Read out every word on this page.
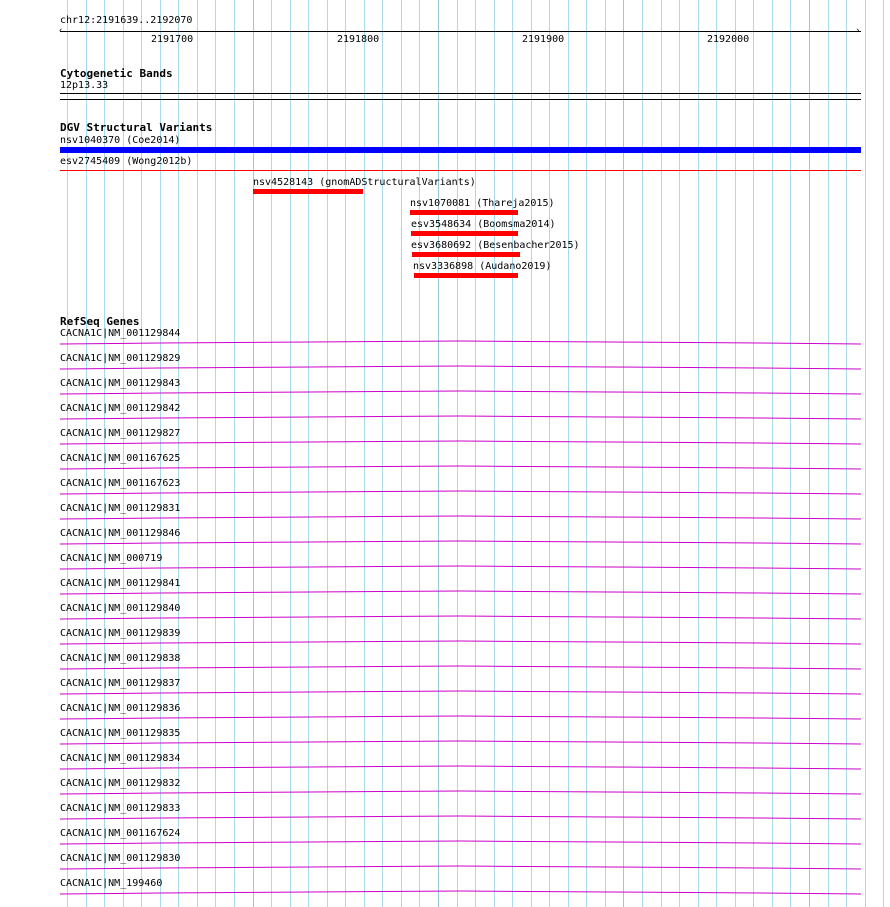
chr12:2191639..2192070
‹	›
2191700	2191800	2191900	2192000
Cytogenetic Bands
12p13.33
DGV Structural Variants
nsv1040370 (Coe2014)
esv2745409 (Wong2012b)
nsv4528143 (gnomADStructuralVariants)
nsv1070081 (Thareja2015)
esv3548634 (Boomsma2014)
esv3680692 (Besenbacher2015)
nsv3336898 (Audano2019)
RefSeq Genes
CACNA1C|NM_001129844
CACNA1C|NM_001129829
CACNA1C|NM_001129843
CACNA1C|NM_001129842
CACNA1C|NM_001129827
CACNA1C|NM_001167625
CACNA1C|NM_001167623
CACNA1C|NM_001129831
CACNA1C|NM_001129846
CACNA1C|NM_000719
CACNA1C|NM_001129841
CACNA1C|NM_001129840
CACNA1C|NM_001129839
CACNA1C|NM_001129838
CACNA1C|NM_001129837
CACNA1C|NM_001129836
CACNA1C|NM_001129835
CACNA1C|NM_001129834
CACNA1C|NM_001129832
CACNA1C|NM_001129833
CACNA1C|NM_001167624
CACNA1C|NM_001129830
CACNA1C|NM_199460
